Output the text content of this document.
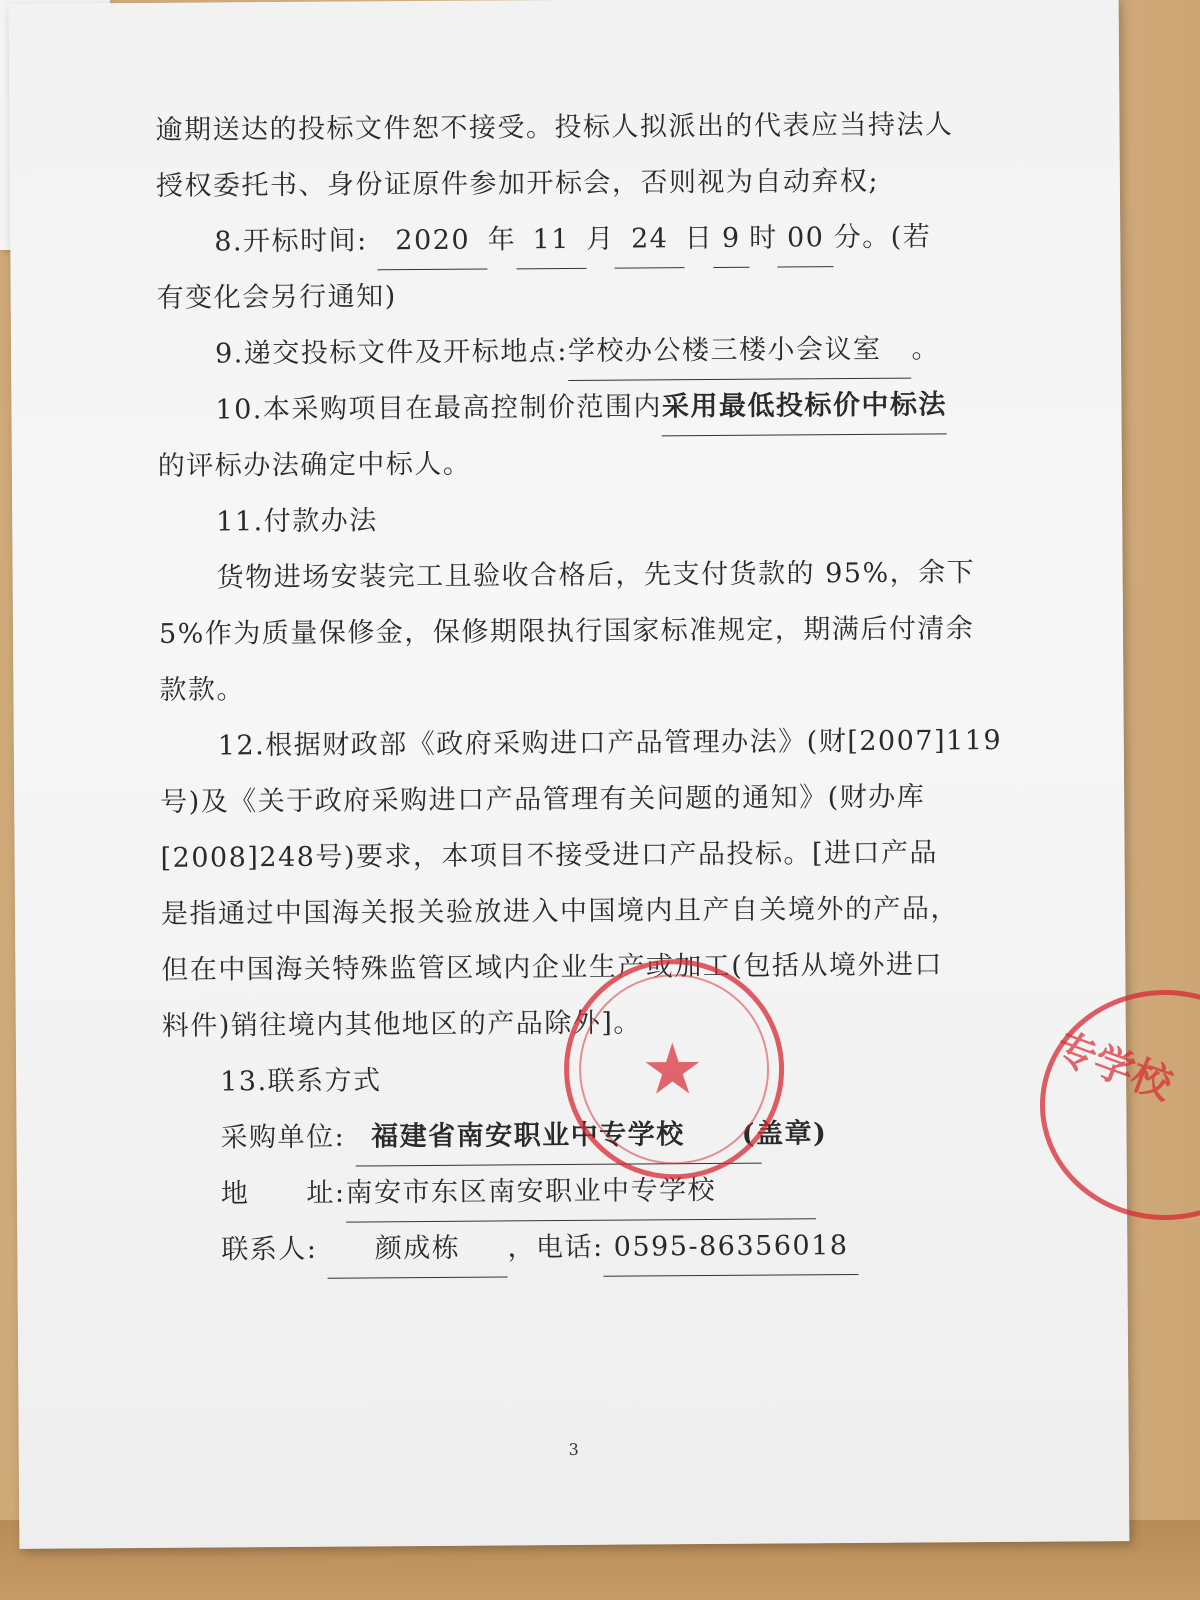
逾期送达的投标文件恕不接受。投标人拟派出的代表应当持法人
授权委托书、身份证原件参加开标会，否则视为自动弃权;
8.开标时间: 2020 年 11 月 24 日 9 时 00 分。(若
有变化会另行通知)
9.递交投标文件及开标地点:学校办公楼三楼小会议室 。
10.本采购项目在最高控制价范围内采用最低投标价中标法
的评标办法确定中标人。
11.付款办法
货物进场安装完工且验收合格后，先支付货款的 95%，余下
5%作为质量保修金，保修期限执行国家标准规定，期满后付清余
款款。
12.根据财政部《政府采购进口产品管理办法》(财[2007]119
号)及《关于政府采购进口产品管理有关问题的通知》(财办库
[2008]248号)要求，本项目不接受进口产品投标。[进口产品
是指通过中国海关报关验放进入中国境内且产自关境外的产品，
但在中国海关特殊监管区域内企业生产或加工(包括从境外进口
料件)销往境内其他地区的产品除外]。
13.联系方式
采购单位: 福建省南安职业中专学校　　 (盖章)
地　　址:南安市东区南安职业中专学校
联系人: 颜成栋 ，电话: 0595-86356018
★
3
专学校
